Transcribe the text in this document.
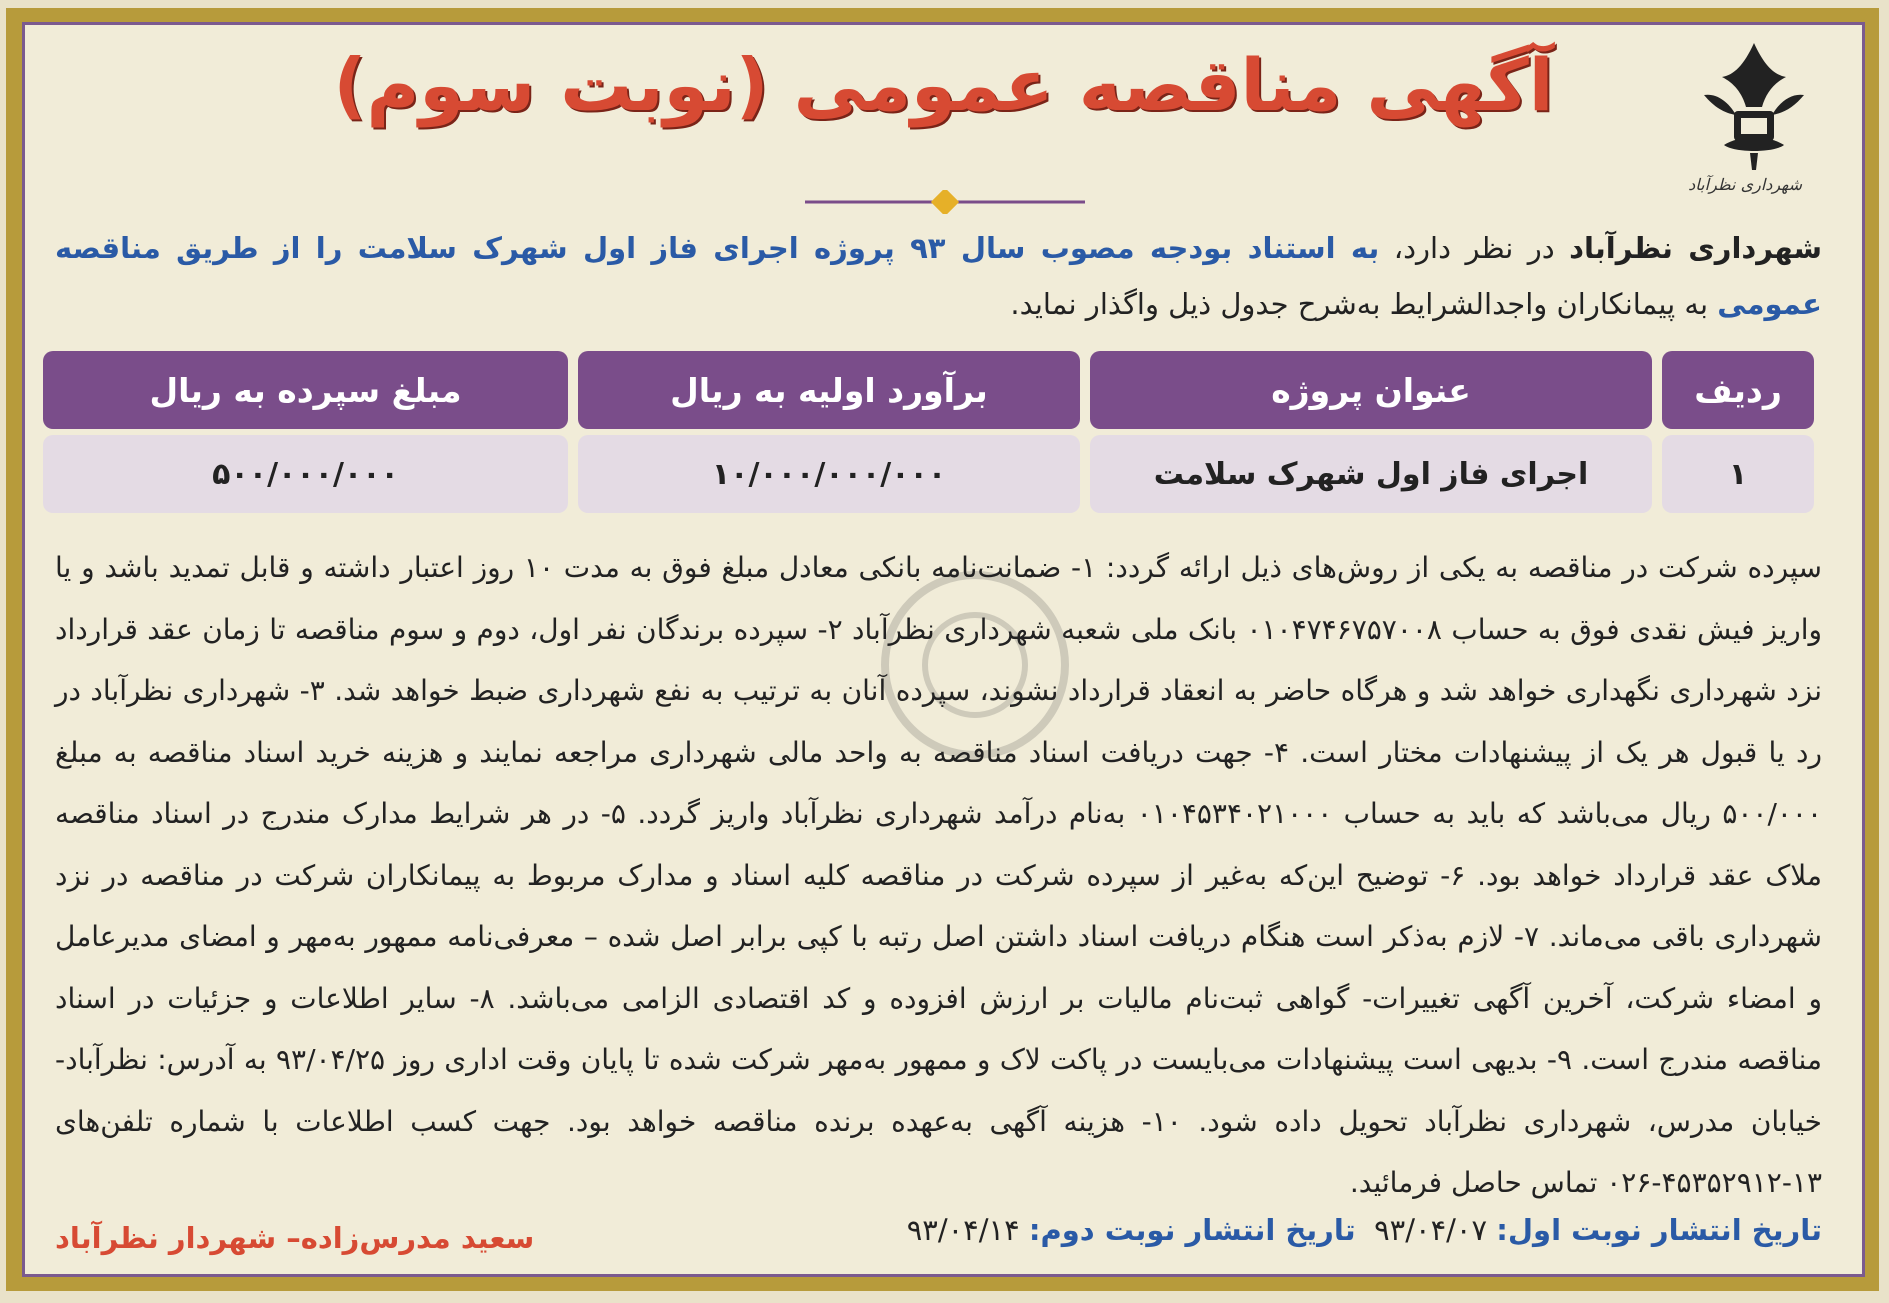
شهرداری نظرآباد
آگهی مناقصه عمومی (نوبت سوم)
شهرداری نظرآباد در نظر دارد، به استناد بودجه مصوب سال ۹۳ پروژه اجرای فاز اول شهرک سلامت را از طریق مناقصه عمومی به پیمانکاران واجدالشرایط به‌شرح جدول ذیل واگذار نماید.
ردیف	عنوان پروژه	برآورد اولیه به ریال	مبلغ سپرده به ریال
۱	اجرای فاز اول شهرک سلامت	۱۰/۰۰۰/۰۰۰/۰۰۰	۵۰۰/۰۰۰/۰۰۰
سپرده شرکت در مناقصه به یکی از روش‌های ذیل ارائه گردد: ۱- ضمانت‌نامه بانکی معادل مبلغ فوق به مدت ۱۰ روز اعتبار داشته و قابل تمدید باشد و یا واریز فیش نقدی فوق به حساب ۰۱۰۴۷۴۶۷۵۷۰۰۸ بانک ملی شعبه شهرداری نظرآباد ۲- سپرده برندگان نفر اول، دوم و سوم مناقصه تا زمان عقد قرارداد نزد شهرداری نگهداری خواهد شد و هرگاه حاضر به انعقاد قرارداد نشوند، سپرده آنان به ترتیب به نفع شهرداری ضبط خواهد شد. ۳- شهرداری نظرآباد در رد یا قبول هر یک از پیشنهادات مختار است. ۴- جهت دریافت اسناد مناقصه به واحد مالی شهرداری مراجعه نمایند و هزینه خرید اسناد مناقصه به مبلغ ۵۰۰/۰۰۰ ریال می‌باشد که باید به حساب ۰۱۰۴۵۳۴۰۲۱۰۰۰ به‌نام درآمد شهرداری نظرآباد واریز گردد. ۵- در هر شرایط مدارک مندرج در اسناد مناقصه ملاک عقد قرارداد خواهد بود. ۶- توضیح این‌که به‌غیر از سپرده شرکت در مناقصه کلیه اسناد و مدارک مربوط به پیمانکاران شرکت در مناقصه در نزد شهرداری باقی می‌ماند. ۷- لازم به‌ذکر است هنگام دریافت اسناد داشتن اصل رتبه با کپی برابر اصل شده – معرفی‌نامه ممهور به‌مهر و امضای مدیرعامل و امضاء شرکت، آخرین آگهی تغییرات- گواهی ثبت‌نام مالیات بر ارزش افزوده و کد اقتصادی الزامی می‌باشد. ۸- سایر اطلاعات و جزئیات در اسناد مناقصه مندرج است. ۹- بدیهی است پیشنهادات می‌بایست در پاکت لاک و ممهور به‌مهر شرکت شده تا پایان وقت اداری روز ۹۳/۰۴/۲۵ به آدرس: نظرآباد- خیابان مدرس، شهرداری نظرآباد تحویل داده شود. ۱۰- هزینه آگهی به‌عهده برنده مناقصه خواهد بود. جهت کسب اطلاعات با شماره تلفن‌های ۱۳-۴۵۳۵۲۹۱۲-۰۲۶ تماس حاصل فرمائید.
تاریخ انتشار نوبت اول: ۹۳/۰۴/۰۷  تاریخ انتشار نوبت دوم: ۹۳/۰۴/۱۴
سعید مدرس‌زاده– شهردار نظرآباد
